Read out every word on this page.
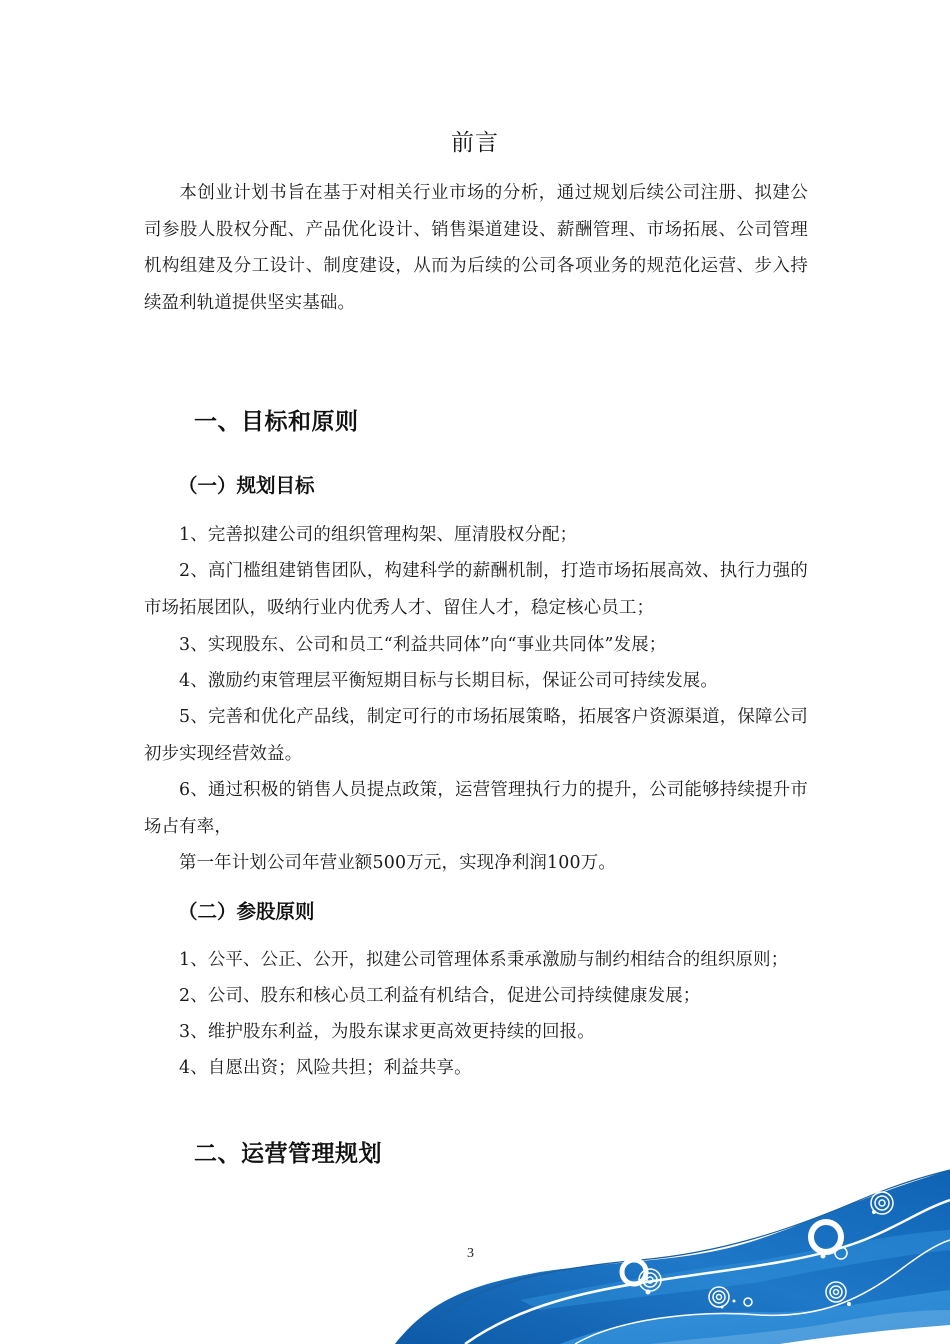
前言
本创业计划书旨在基于对相关行业市场的分析，通过规划后续公司注册、拟建公司参股人股权分配、产品优化设计、销售渠道建设、薪酬管理、市场拓展、公司管理机构组建及分工设计、制度建设，从而为后续的公司各项业务的规范化运营、步入持续盈利轨道提供坚实基础。
一、目标和原则
（一）规划目标
1、完善拟建公司的组织管理构架、厘清股权分配；
2、高门槛组建销售团队，构建科学的薪酬机制，打造市场拓展高效、执行力强的市场拓展团队，吸纳行业内优秀人才、留住人才，稳定核心员工；
3、实现股东、公司和员工“利益共同体”向“事业共同体”发展；
4、激励约束管理层平衡短期目标与长期目标，保证公司可持续发展。
5、完善和优化产品线，制定可行的市场拓展策略，拓展客户资源渠道，保障公司初步实现经营效益。
6、通过积极的销售人员提点政策，运营管理执行力的提升，公司能够持续提升市场占有率，
第一年计划公司年营业额500万元，实现净利润100万。
（二）参股原则
1、公平、公正、公开，拟建公司管理体系秉承激励与制约相结合的组织原则；
2、公司、股东和核心员工利益有机结合，促进公司持续健康发展；
3、维护股东利益，为股东谋求更高效更持续的回报。
4、自愿出资；风险共担；利益共享。
二、运营管理规划
3
